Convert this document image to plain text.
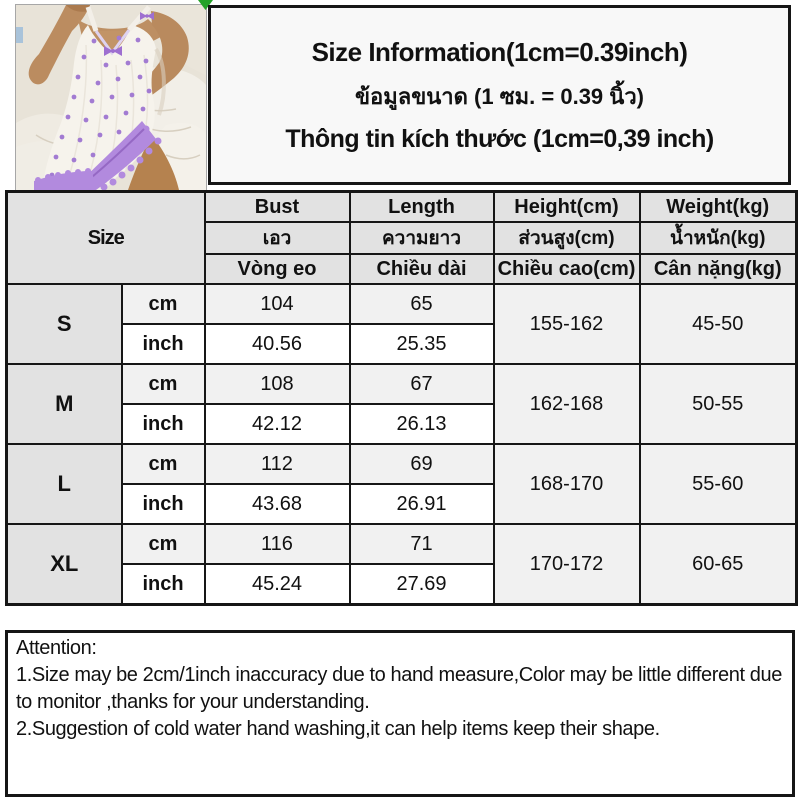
Size Information(1cm=0.39inch)
ข้อมูลขนาด (1 ซม. = 0.39 นิ้ว)
Thông tin kích thước (1cm=0,39 inch)
Size		Bust	Length	Height(cm)	Weight(kg)
		เอว	ความยาว	ส่วนสูง(cm)	น้ำหนัก(kg)
		Vòng eo	Chiều dài	Chiều cao(cm)	Cân nặng(kg)
S	cm	104	65	155-162	45-50
	inch	40.56	25.35		
M	cm	108	67	162-168	50-55
	inch	42.12	26.13		
L	cm	112	69	168-170	55-60
	inch	43.68	26.91		
XL	cm	116	71	170-172	60-65
	inch	45.24	27.69		
Attention:
1.Size may be 2cm/1inch inaccuracy due to hand measure,Color may be little different due to monitor ,thanks for your understanding.
2.Suggestion of cold water hand washing,it can help items keep their shape.
